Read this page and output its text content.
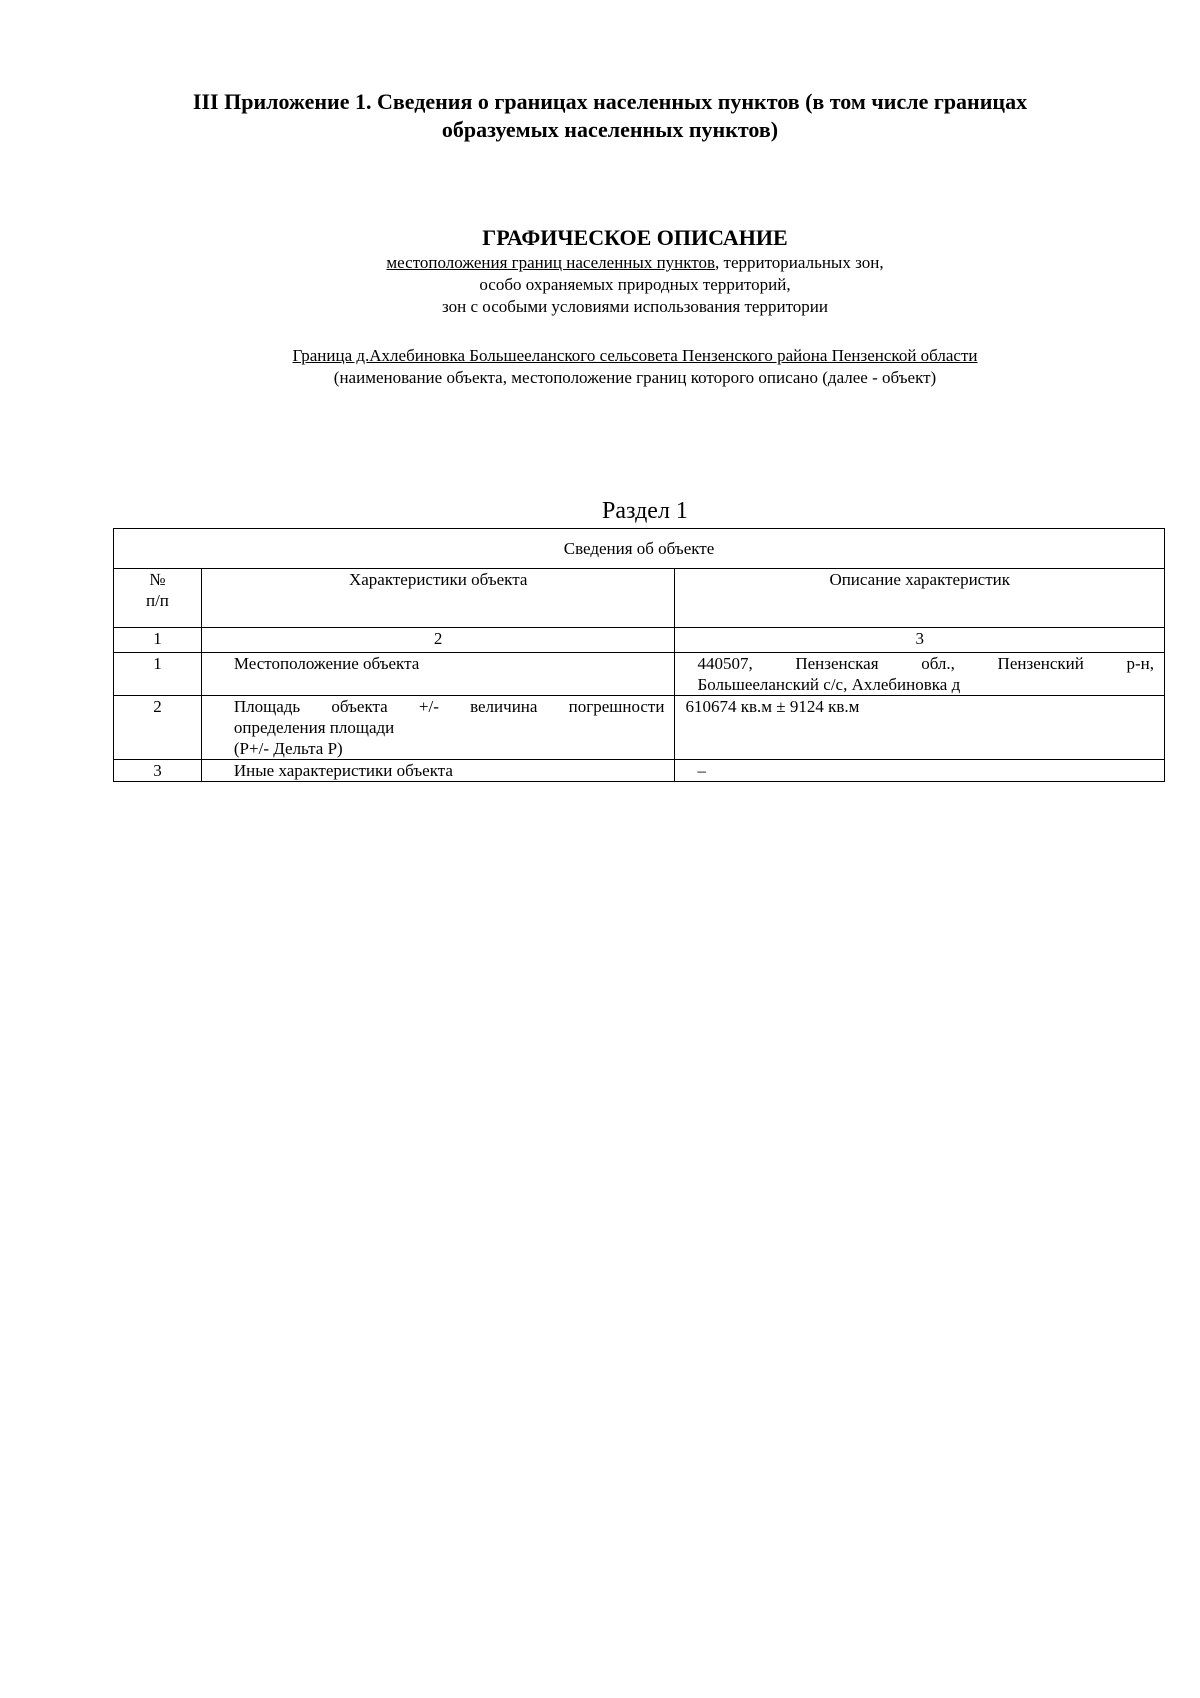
III Приложение 1. Сведения о границах населенных пунктов (в том числе границах
образуемых населенных пунктов)
ГРАФИЧЕСКОЕ ОПИСАНИЕ
местоположения границ населенных пунктов, территориальных зон,
особо охраняемых природных территорий,
зон с особыми условиями использования территории
Граница д.Ахлебиновка Большееланского сельсовета Пензенского района Пензенской области
(наименование объекта, местоположение границ которого описано (далее - объект)
Раздел 1
Сведения об объекте		

№
п/п	Характеристики объекта	Описание характеристик
1	2	3
1	Местоположение объекта	440507, Пензенская обл., Пензенский р-н,
Большееланский с/с, Ахлебиновка д

2	Площадь объекта +/- величина погрешности
определения площади
(P+/- Дельта P)	610674 кв.м ± 9124 кв.м
3	Иные характеристики объекта	–
